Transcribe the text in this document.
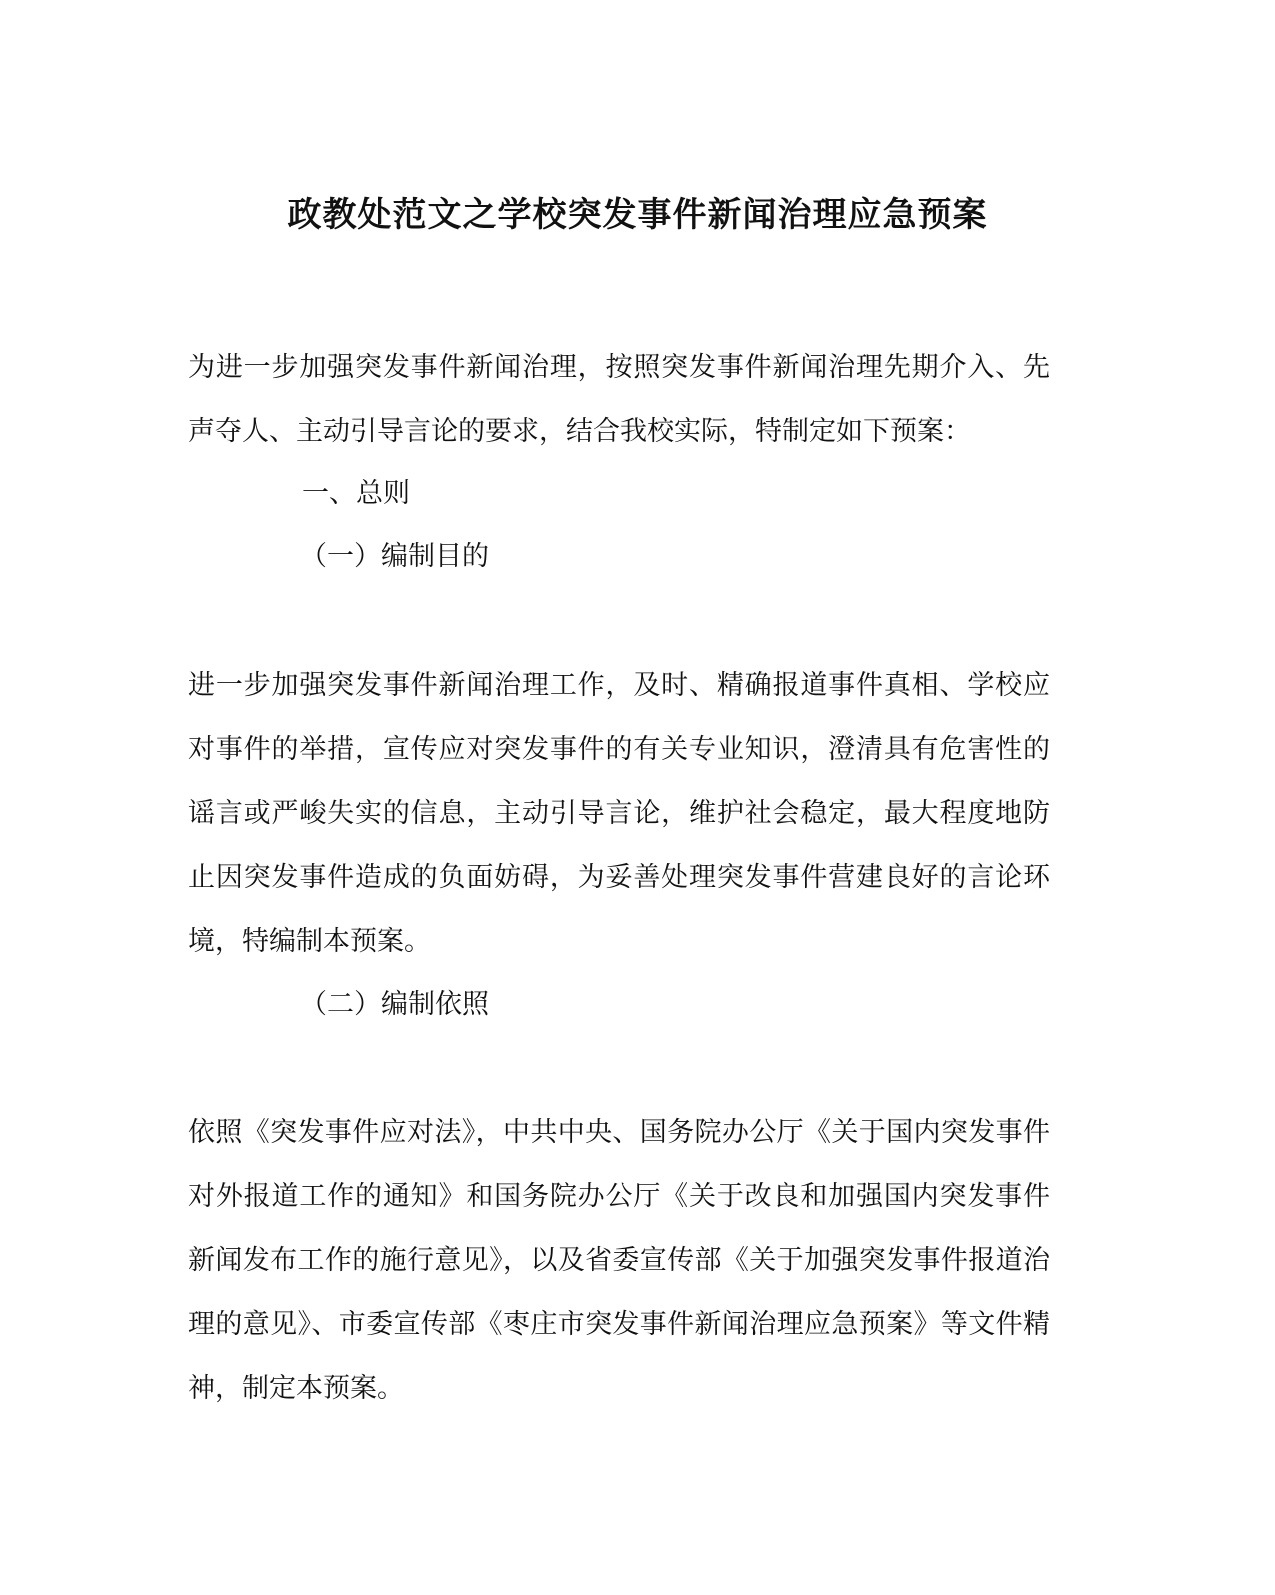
政教处范文之学校突发事件新闻治理应急预案

为进一步加强突发事件新闻治理，按照突发事件新闻治理先期介入、先声夺人、主动引导言论的要求，结合我校实际，特制定如下预案：

一、总则

（一）编制目的

进一步加强突发事件新闻治理工作，及时、精确报道事件真相、学校应对事件的举措，宣传应对突发事件的有关专业知识，澄清具有危害性的谣言或严峻失实的信息，主动引导言论，维护社会稳定，最大程度地防止因突发事件造成的负面妨碍，为妥善处理突发事件营建良好的言论环境，特编制本预案。

（二）编制依照

依照《突发事件应对法》，中共中央、国务院办公厅《关于国内突发事件对外报道工作的通知》和国务院办公厅《关于改良和加强国内突发事件新闻发布工作的施行意见》，以及省委宣传部《关于加强突发事件报道治理的意见》、市委宣传部《枣庄市突发事件新闻治理应急预案》等文件精神，制定本预案。
